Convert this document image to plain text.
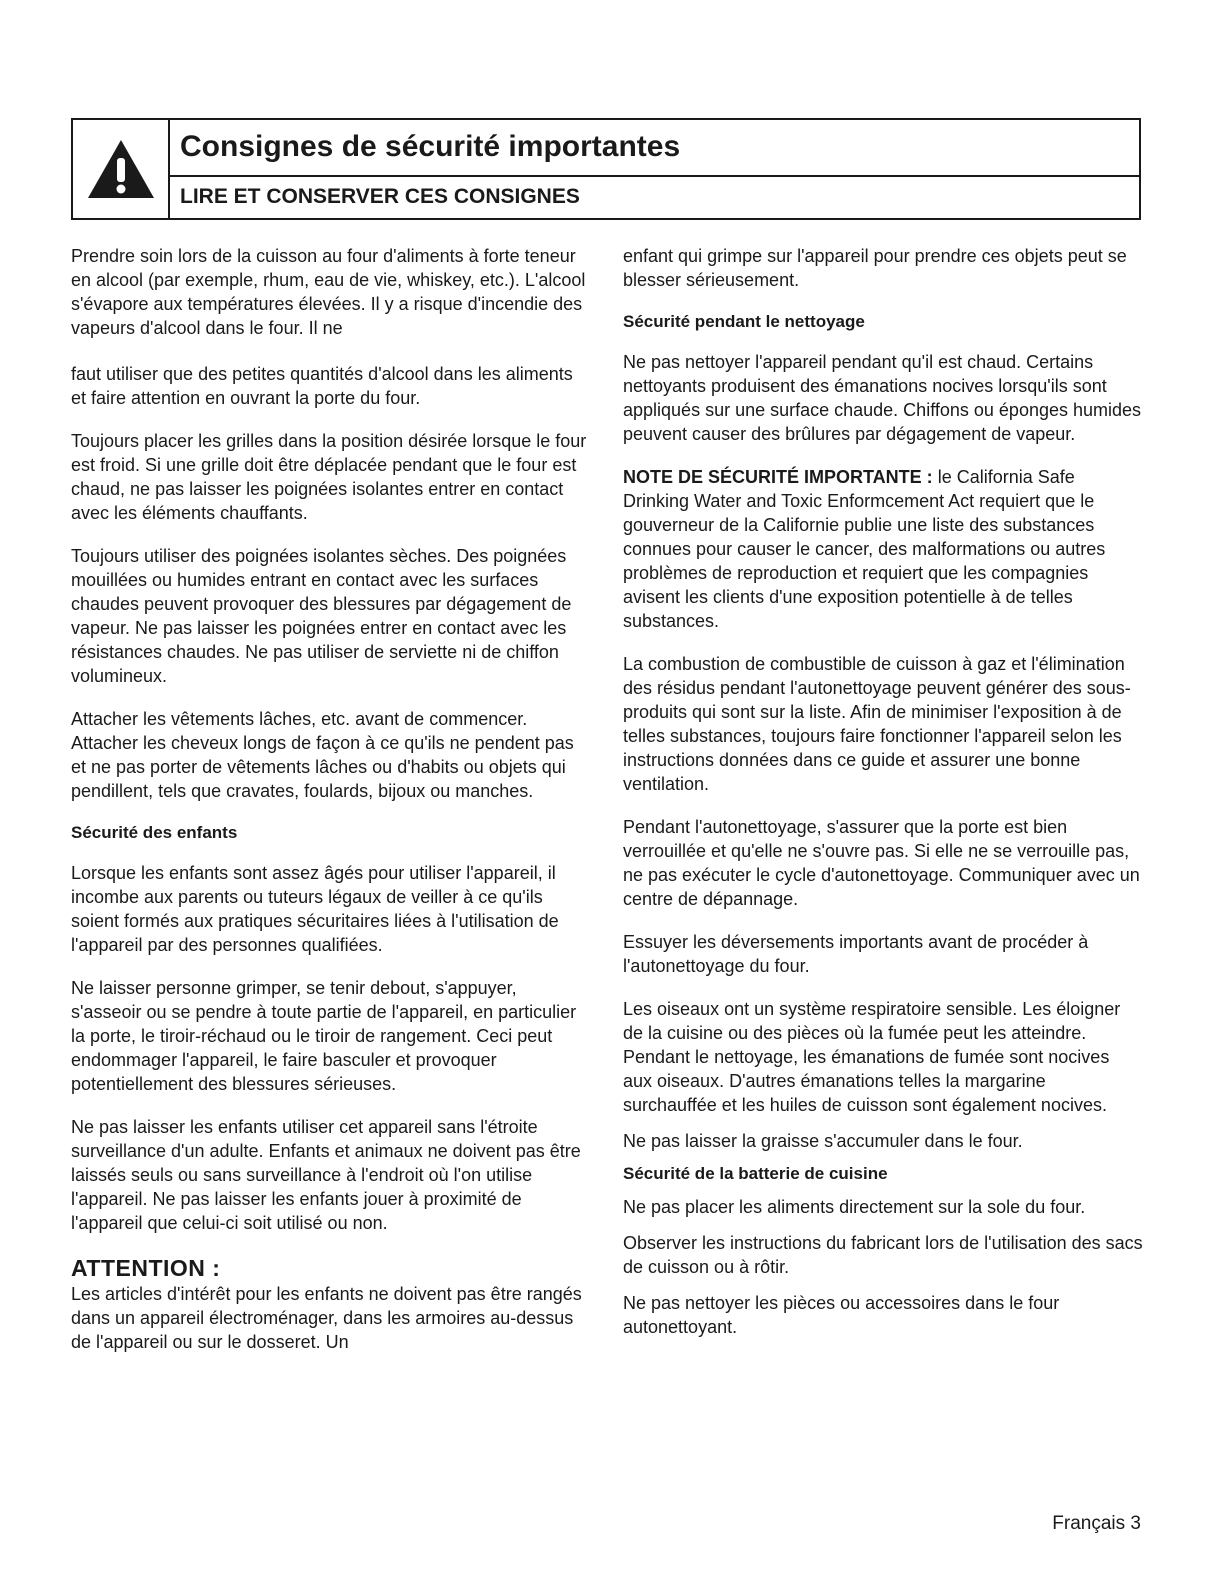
Consignes de sécurité importantes
LIRE ET CONSERVER CES CONSIGNES

Prendre soin lors de la cuisson au four d'aliments à forte teneur en alcool (par exemple, rhum, eau de vie, whiskey, etc.). L'alcool s'évapore aux températures élevées. Il y a risque d'incendie des vapeurs d'alcool dans le four. Il ne

faut utiliser que des petites quantités d'alcool dans les aliments et faire attention en ouvrant la porte du four.

Toujours placer les grilles dans la position désirée lorsque le four est froid. Si une grille doit être déplacée pendant que le four est chaud, ne pas laisser les poignées isolantes entrer en contact avec les éléments chauffants.

Toujours utiliser des poignées isolantes sèches. Des poignées mouillées ou humides entrant en contact avec les surfaces chaudes peuvent provoquer des blessures par dégagement de vapeur. Ne pas laisser les poignées entrer en contact avec les résistances chaudes. Ne pas utiliser de serviette ni de chiffon volumineux.

Attacher les vêtements lâches, etc. avant de commencer. Attacher les cheveux longs de façon à ce qu'ils ne pendent pas et ne pas porter de vêtements lâches ou d'habits ou objets qui pendillent, tels que cravates, foulards, bijoux ou manches.

Sécurité des enfants

Lorsque les enfants sont assez âgés pour utiliser l'appareil, il incombe aux parents ou tuteurs légaux de veiller à ce qu'ils soient formés aux pratiques sécuritaires liées à l'utilisation de l'appareil par des personnes qualifiées.

Ne laisser personne grimper, se tenir debout, s'appuyer, s'asseoir ou se pendre à toute partie de l'appareil, en particulier la porte, le tiroir-réchaud ou le tiroir de rangement. Ceci peut endommager l'appareil, le faire basculer et provoquer potentiellement des blessures sérieuses.

Ne pas laisser les enfants utiliser cet appareil sans l'étroite surveillance d'un adulte. Enfants et animaux ne doivent pas être laissés seuls ou sans surveillance à l'endroit où l'on utilise l'appareil. Ne pas laisser les enfants jouer à proximité de l'appareil que celui-ci soit utilisé ou non.

ATTENTION :

Les articles d'intérêt pour les enfants ne doivent pas être rangés dans un appareil électroménager, dans les armoires au-dessus de l'appareil ou sur le dosseret. Un

enfant qui grimpe sur l'appareil pour prendre ces objets peut se blesser sérieusement.

Sécurité pendant le nettoyage

Ne pas nettoyer l'appareil pendant qu'il est chaud. Certains nettoyants produisent des émanations nocives lorsqu'ils sont appliqués sur une surface chaude. Chiffons ou éponges humides peuvent causer des brûlures par dégagement de vapeur.

NOTE DE SÉCURITÉ IMPORTANTE : le California Safe Drinking Water and Toxic Enformcement Act requiert que le gouverneur de la Californie publie une liste des substances connues pour causer le cancer, des malformations ou autres problèmes de reproduction et requiert que les compagnies avisent les clients d'une exposition potentielle à de telles substances.

La combustion de combustible de cuisson à gaz et l'élimination des résidus pendant l'autonettoyage peuvent générer des sous-produits qui sont sur la liste. Afin de minimiser l'exposition à de telles substances, toujours faire fonctionner l'appareil selon les instructions données dans ce guide et assurer une bonne ventilation.

Pendant l'autonettoyage, s'assurer que la porte est bien verrouillée et qu'elle ne s'ouvre pas. Si elle ne se verrouille pas, ne pas exécuter le cycle d'autonettoyage. Communiquer avec un centre de dépannage.

Essuyer les déversements importants avant de procéder à l'autonettoyage du four.

Les oiseaux ont un système respiratoire sensible. Les éloigner de la cuisine ou des pièces où la fumée peut les atteindre. Pendant le nettoyage, les émanations de fumée sont nocives aux oiseaux. D'autres émanations telles la margarine surchauffée et les huiles de cuisson sont également nocives.

Ne pas laisser la graisse s'accumuler dans le four.

Sécurité de la batterie de cuisine

Ne pas placer les aliments directement sur la sole du four.

Observer les instructions du fabricant lors de l'utilisation des sacs de cuisson ou à rôtir.

Ne pas nettoyer les pièces ou accessoires dans le four autonettoyant.

Français 3
